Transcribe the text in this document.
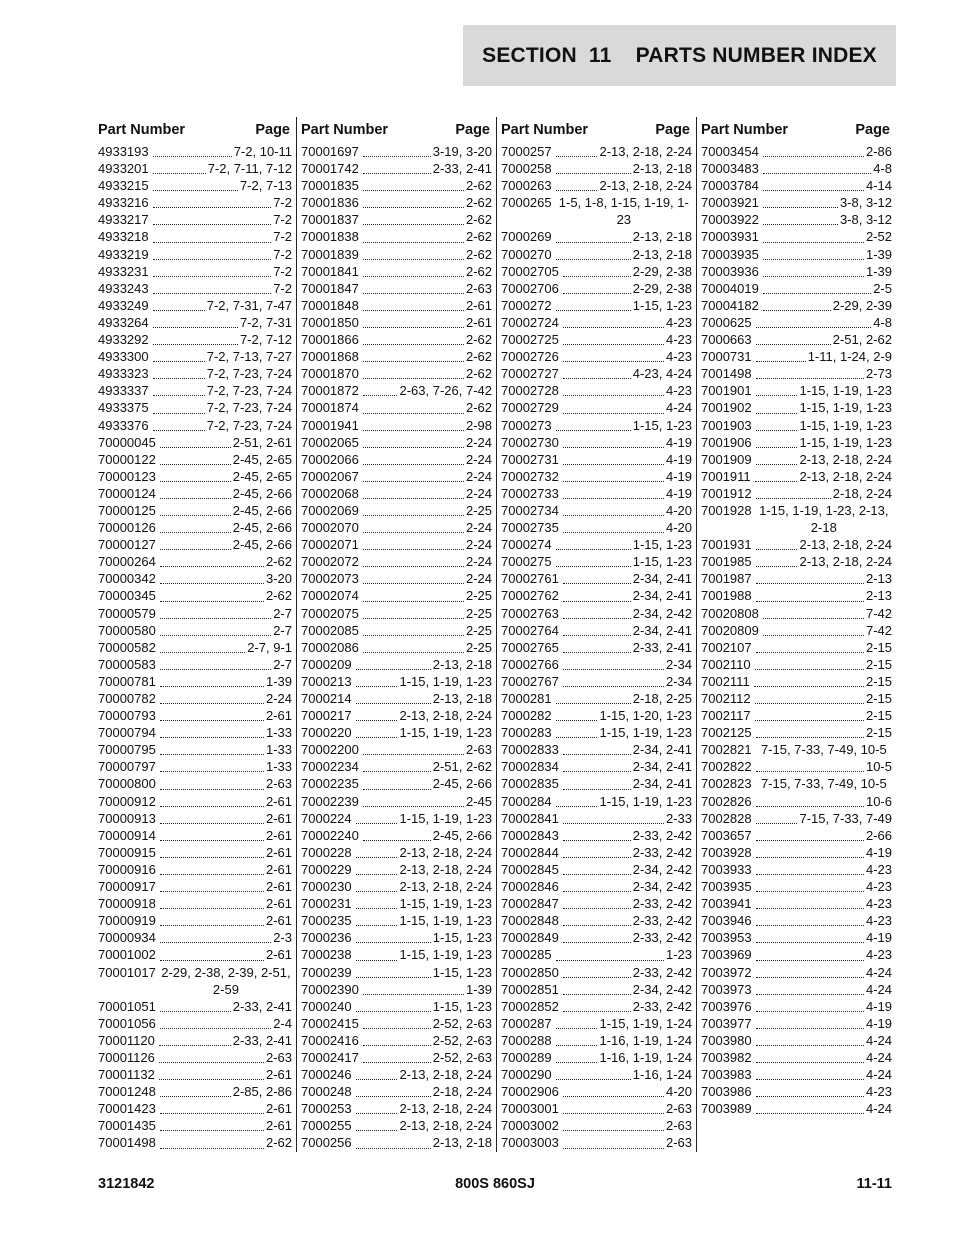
SECTION  11    PARTS NUMBER INDEX
Part Number	Page
4933193	7-2, 10-11
4933201	7-2, 7-11, 7-12
4933215	7-2, 7-13
4933216	7-2
4933217	7-2
4933218	7-2
4933219	7-2
4933231	7-2
4933243	7-2
4933249	7-2, 7-31, 7-47
4933264	7-2, 7-31
4933292	7-2, 7-12
4933300	7-2, 7-13, 7-27
4933323	7-2, 7-23, 7-24
4933337	7-2, 7-23, 7-24
4933375	7-2, 7-23, 7-24
4933376	7-2, 7-23, 7-24
70000045	2-51, 2-61
70000122	2-45, 2-65
70000123	2-45, 2-65
70000124	2-45, 2-66
70000125	2-45, 2-66
70000126	2-45, 2-66
70000127	2-45, 2-66
70000264	2-62
70000342	3-20
70000345	2-62
70000579	2-7
70000580	2-7
70000582	2-7, 9-1
70000583	2-7
70000781	1-39
70000782	2-24
70000793	2-61
70000794	1-33
70000795	1-33
70000797	1-33
70000800	2-63
70000912	2-61
70000913	2-61
70000914	2-61
70000915	2-61
70000916	2-61
70000917	2-61
70000918	2-61
70000919	2-61
70000934	2-3
70001002	2-61
70001017 2-29, 2-38, 2-39, 2-51, 2-59
70001051	2-33, 2-41
70001056	2-4
70001120	2-33, 2-41
70001126	2-63
70001132	2-61
70001248	2-85, 2-86
70001423	2-61
70001435	2-61
70001498	2-62
Part Number	Page
70001697	3-19, 3-20
70001742	2-33, 2-41
70001835	2-62
70001836	2-62
70001837	2-62
70001838	2-62
70001839	2-62
70001841	2-62
70001847	2-63
70001848	2-61
70001850	2-61
70001866	2-62
70001868	2-62
70001870	2-62
70001872	2-63, 7-26, 7-42
70001874	2-62
70001941	2-98
70002065	2-24
70002066	2-24
70002067	2-24
70002068	2-24
70002069	2-25
70002070	2-24
70002071	2-24
70002072	2-24
70002073	2-24
70002074	2-25
70002075	2-25
70002085	2-25
70002086	2-25
7000209	2-13, 2-18
7000213	1-15, 1-19, 1-23
7000214	2-13, 2-18
7000217	2-13, 2-18, 2-24
7000220	1-15, 1-19, 1-23
70002200	2-63
70002234	2-51, 2-62
70002235	2-45, 2-66
70002239	2-45
7000224	1-15, 1-19, 1-23
70002240	2-45, 2-66
7000228	2-13, 2-18, 2-24
7000229	2-13, 2-18, 2-24
7000230	2-13, 2-18, 2-24
7000231	1-15, 1-19, 1-23
7000235	1-15, 1-19, 1-23
7000236	1-15, 1-23
7000238	1-15, 1-19, 1-23
7000239	1-15, 1-23
70002390	1-39
7000240	1-15, 1-23
70002415	2-52, 2-63
70002416	2-52, 2-63
70002417	2-52, 2-63
7000246	2-13, 2-18, 2-24
7000248	2-18, 2-24
7000253	2-13, 2-18, 2-24
7000255	2-13, 2-18, 2-24
7000256	2-13, 2-18
Part Number	Page
7000257	2-13, 2-18, 2-24
7000258	2-13, 2-18
7000263	2-13, 2-18, 2-24
7000265 1-5, 1-8, 1-15, 1-19, 1-23
7000269	2-13, 2-18
7000270	2-13, 2-18
70002705	2-29, 2-38
70002706	2-29, 2-38
7000272	1-15, 1-23
70002724	4-23
70002725	4-23
70002726	4-23
70002727	4-23, 4-24
70002728	4-23
70002729	4-24
7000273	1-15, 1-23
70002730	4-19
70002731	4-19
70002732	4-19
70002733	4-19
70002734	4-20
70002735	4-20
7000274	1-15, 1-23
7000275	1-15, 1-23
70002761	2-34, 2-41
70002762	2-34, 2-41
70002763	2-34, 2-42
70002764	2-34, 2-41
70002765	2-33, 2-41
70002766	2-34
70002767	2-34
7000281	2-18, 2-25
7000282	1-15, 1-20, 1-23
7000283	1-15, 1-19, 1-23
70002833	2-34, 2-41
70002834	2-34, 2-41
70002835	2-34, 2-41
7000284	1-15, 1-19, 1-23
70002841	2-33
70002843	2-33, 2-42
70002844	2-33, 2-42
70002845	2-34, 2-42
70002846	2-34, 2-42
70002847	2-33, 2-42
70002848	2-33, 2-42
70002849	2-33, 2-42
7000285	1-23
70002850	2-33, 2-42
70002851	2-34, 2-42
70002852	2-33, 2-42
7000287	1-15, 1-19, 1-24
7000288	1-16, 1-19, 1-24
7000289	1-16, 1-19, 1-24
7000290	1-16, 1-24
70002906	4-20
70003001	2-63
70003002	2-63
70003003	2-63
Part Number	Page
70003454	2-86
70003483	4-8
70003784	4-14
70003921	3-8, 3-12
70003922	3-8, 3-12
70003931	2-52
70003935	1-39
70003936	1-39
70004019	2-5
70004182	2-29, 2-39
7000625	4-8
7000663	2-51, 2-62
7000731	1-11, 1-24, 2-9
7001498	2-73
7001901	1-15, 1-19, 1-23
7001902	1-15, 1-19, 1-23
7001903	1-15, 1-19, 1-23
7001906	1-15, 1-19, 1-23
7001909	2-13, 2-18, 2-24
7001911	2-13, 2-18, 2-24
7001912	2-18, 2-24
7001928 1-15, 1-19, 1-23, 2-13, 2-18
7001931	2-13, 2-18, 2-24
7001985	2-13, 2-18, 2-24
7001987	2-13
7001988	2-13
70020808	7-42
70020809	7-42
7002107	2-15
7002110	2-15
7002111	2-15
7002112	2-15
7002117	2-15
7002125	2-15
7002821 7-15, 7-33, 7-49, 10-5
7002822	10-5
7002823 7-15, 7-33, 7-49, 10-5
7002826	10-6
7002828	7-15, 7-33, 7-49
7003657	2-66
7003928	4-19
7003933	4-23
7003935	4-23
7003941	4-23
7003946	4-23
7003953	4-19
7003969	4-23
7003972	4-24
7003973	4-24
7003976	4-19
7003977	4-19
7003980	4-24
7003982	4-24
7003983	4-24
7003986	4-23
7003989	4-24
3121842	800S 860SJ	11-11
